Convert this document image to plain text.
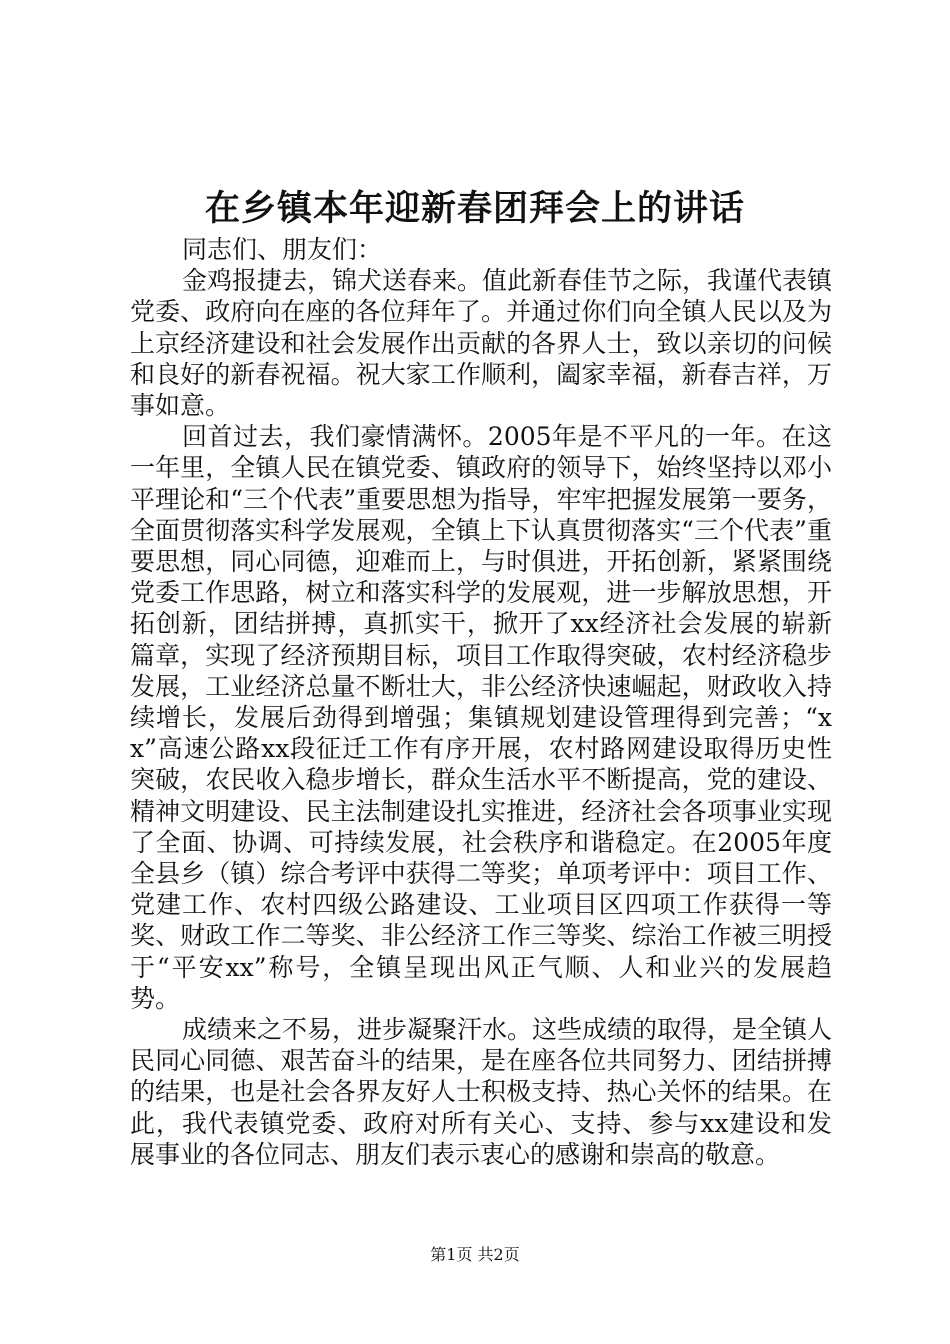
在乡镇本年迎新春团拜会上的讲话

同志们、朋友们：

金鸡报捷去，锦犬送春来。值此新春佳节之际，我谨代表镇党委、政府向在座的各位拜年了。并通过你们向全镇人民以及为上京经济建设和社会发展作出贡献的各界人士，致以亲切的问候和良好的新春祝福。祝大家工作顺利，阖家幸福，新春吉祥，万事如意。

回首过去，我们豪情满怀。2005年是不平凡的一年。在这一年里，全镇人民在镇党委、镇政府的领导下，始终坚持以邓小平理论和“三个代表”重要思想为指导，牢牢把握发展第一要务，全面贯彻落实科学发展观，全镇上下认真贯彻落实“三个代表”重要思想，同心同德，迎难而上，与时俱进，开拓创新，紧紧围绕党委工作思路，树立和落实科学的发展观，进一步解放思想，开拓创新，团结拼搏，真抓实干，掀开了xx经济社会发展的崭新篇章，实现了经济预期目标，项目工作取得突破，农村经济稳步发展，工业经济总量不断壮大，非公经济快速崛起，财政收入持续增长，发展后劲得到增强；集镇规划建设管理得到完善；“xx”高速公路xx段征迁工作有序开展，农村路网建设取得历史性突破，农民收入稳步增长，群众生活水平不断提高，党的建设、精神文明建设、民主法制建设扎实推进，经济社会各项事业实现了全面、协调、可持续发展，社会秩序和谐稳定。在2005年度全县乡（镇）综合考评中获得二等奖；单项考评中：项目工作、党建工作、农村四级公路建设、工业项目区四项工作获得一等奖、财政工作二等奖、非公经济工作三等奖、综治工作被三明授于“平安xx”称号，全镇呈现出风正气顺、人和业兴的发展趋势。

成绩来之不易，进步凝聚汗水。这些成绩的取得，是全镇人民同心同德、艰苦奋斗的结果，是在座各位共同努力、团结拼搏的结果，也是社会各界友好人士积极支持、热心关怀的结果。在此，我代表镇党委、政府对所有关心、支持、参与xx建设和发展事业的各位同志、朋友们表示衷心的感谢和崇高的敬意。

第1页 共2页
